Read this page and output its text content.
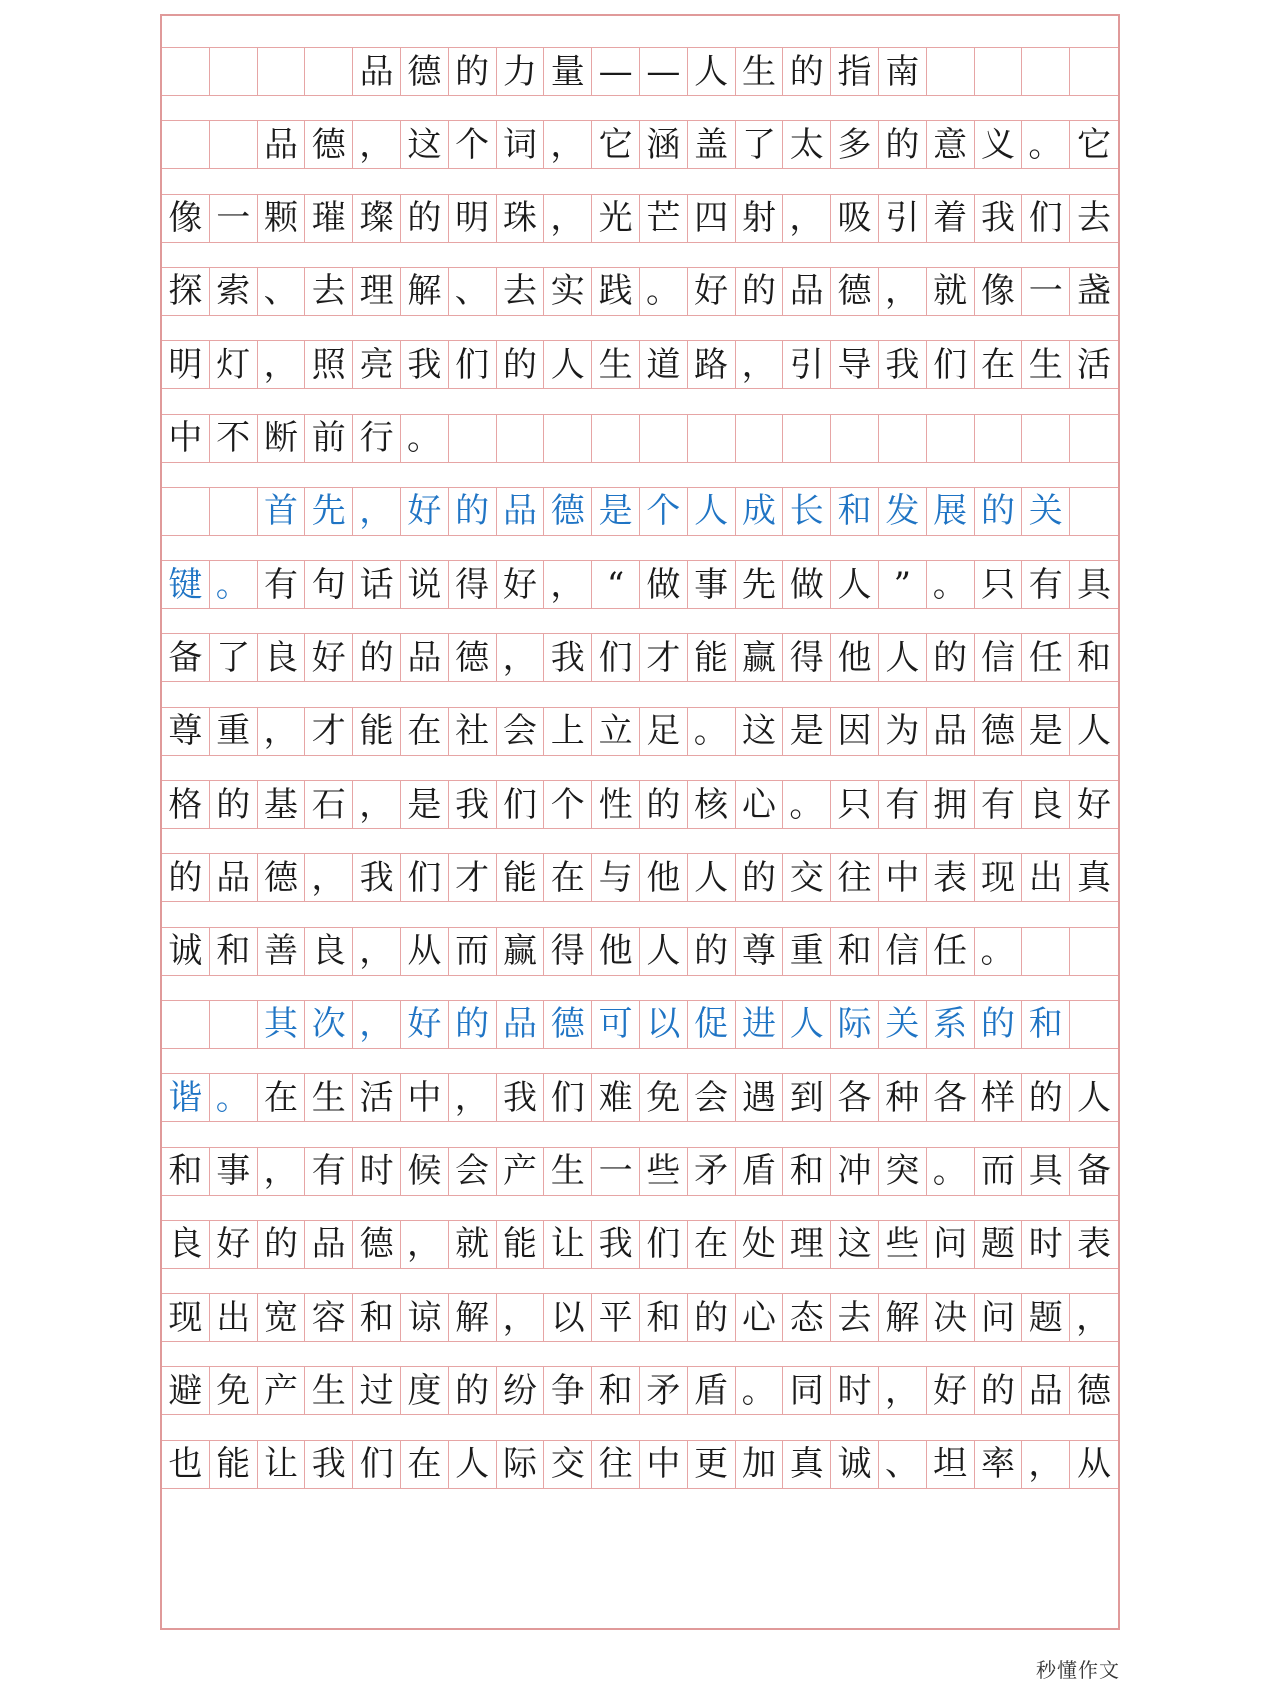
品 德 的 力 量 — — 人 生 的 指 南
品 德 ， 这 个 词 ， 它 涵 盖 了 太 多 的 意 义 。 它
像 一 颗 璀 璨 的 明 珠 ， 光 芒 四 射 ， 吸 引 着 我 们 去
探 索 、 去 理 解 、 去 实 践 。 好 的 品 德 ， 就 像 一 盏
明 灯 ， 照 亮 我 们 的 人 生 道 路 ， 引 导 我 们 在 生 活
中 不 断 前 行 。
首 先 ， 好 的 品 德 是 个 人 成 长 和 发 展 的 关
键 。 有 句 话 说 得 好 ， “ 做 事 先 做 人 ” 。 只 有 具
备 了 良 好 的 品 德 ， 我 们 才 能 赢 得 他 人 的 信 任 和
尊 重 ， 才 能 在 社 会 上 立 足 。 这 是 因 为 品 德 是 人
格 的 基 石 ， 是 我 们 个 性 的 核 心 。 只 有 拥 有 良 好
的 品 德 ， 我 们 才 能 在 与 他 人 的 交 往 中 表 现 出 真
诚 和 善 良 ， 从 而 赢 得 他 人 的 尊 重 和 信 任 。
其 次 ， 好 的 品 德 可 以 促 进 人 际 关 系 的 和
谐 。 在 生 活 中 ， 我 们 难 免 会 遇 到 各 种 各 样 的 人
和 事 ， 有 时 候 会 产 生 一 些 矛 盾 和 冲 突 。 而 具 备
良 好 的 品 德 ， 就 能 让 我 们 在 处 理 这 些 问 题 时 表
现 出 宽 容 和 谅 解 ， 以 平 和 的 心 态 去 解 决 问 题 ，
避 免 产 生 过 度 的 纷 争 和 矛 盾 。 同 时 ， 好 的 品 德
也 能 让 我 们 在 人 际 交 往 中 更 加 真 诚 、 坦 率 ， 从
秒懂作文
